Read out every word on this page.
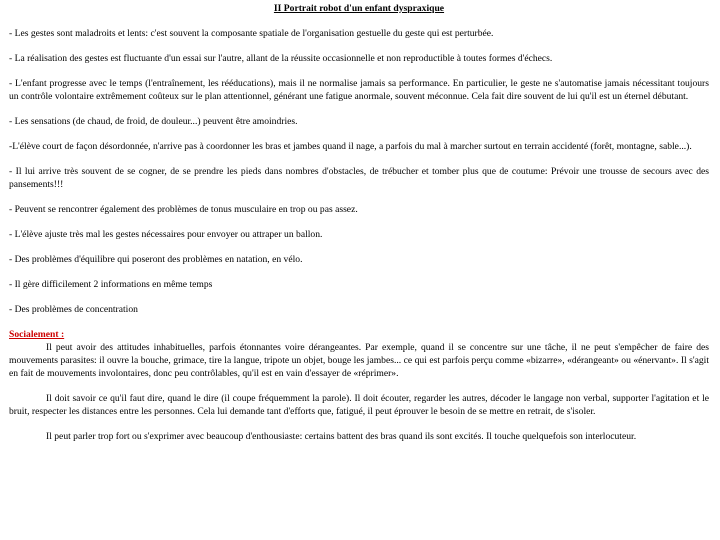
II Portrait robot d'un enfant dyspraxique
- Les gestes sont maladroits et lents: c'est souvent la composante spatiale de l'organisation gestuelle du geste qui est perturbée.
- La réalisation des gestes est fluctuante d'un essai sur l'autre, allant de la réussite occasionnelle et non reproductible à toutes formes d'échecs.
- L'enfant progresse avec le temps (l'entraînement, les rééducations), mais il ne normalise jamais sa performance. En particulier, le geste ne s'automatise jamais nécessitant toujours un contrôle volontaire extrêmement coûteux sur le plan attentionnel, générant une fatigue anormale, souvent méconnue. Cela fait dire souvent de lui qu'il est un éternel débutant.
- Les sensations (de chaud, de froid, de douleur...) peuvent être amoindries.
-L'élève court de façon désordonnée, n'arrive pas à coordonner les bras et jambes quand il nage, a parfois du mal à marcher surtout en terrain accidenté (forêt, montagne, sable...).
- Il lui arrive très souvent de se cogner, de se prendre les pieds dans nombres d'obstacles, de trébucher et tomber plus que de coutume: Prévoir une trousse de secours avec des pansements!!!
- Peuvent se rencontrer également des problèmes de tonus musculaire en trop ou pas assez.
- L'élève ajuste très mal les gestes nécessaires pour envoyer ou attraper un ballon.
- Des problèmes d'équilibre qui poseront des problèmes en natation, en vélo.
- Il gère difficilement 2 informations en même temps
- Des problèmes de concentration
Socialement :
Il peut avoir des attitudes inhabituelles, parfois étonnantes voire dérangeantes. Par exemple, quand il se concentre sur une tâche, il ne peut s'empêcher de faire des mouvements parasites: il ouvre la bouche, grimace, tire la langue, tripote un objet, bouge les jambes... ce qui est parfois perçu comme «bizarre», «dérangeant» ou «énervant». Il s'agit en fait de mouvements involontaires, donc peu contrôlables, qu'il est en vain d'essayer de «réprimer».
Il doit savoir ce qu'il faut dire, quand le dire (il coupe fréquemment la parole). Il doit écouter, regarder les autres, décoder le langage non verbal, supporter l'agitation et le bruit, respecter les distances entre les personnes. Cela lui demande tant d'efforts que, fatigué, il peut éprouver le besoin de se mettre en retrait, de s'isoler.
Il peut parler trop fort ou s'exprimer avec beaucoup d'enthousiaste: certains battent des bras quand ils sont excités. Il touche quelquefois son interlocuteur.
